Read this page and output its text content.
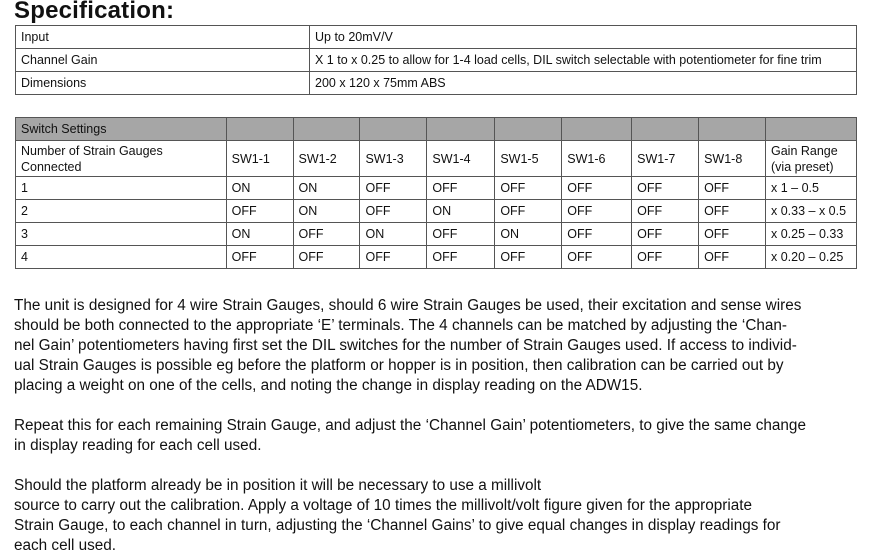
Specification:
Input	Up to 20mV/V
Channel Gain	X 1 to x 0.25 to allow for 1-4 load cells, DIL switch selectable with potentiometer for fine trim
Dimensions	200 x 120 x 75mm ABS
Switch Settings									
Number of Strain Gauges Connected	SW1-1	SW1-2	SW1-3	SW1-4	SW1-5	SW1-6	SW1-7	SW1-8	Gain Range (via preset)
1	ON	ON	OFF	OFF	OFF	OFF	OFF	OFF	x 1 – 0.5
2	OFF	ON	OFF	ON	OFF	OFF	OFF	OFF	x 0.33 – x 0.5
3	ON	OFF	ON	OFF	ON	OFF	OFF	OFF	x 0.25 – 0.33
4	OFF	OFF	OFF	OFF	OFF	OFF	OFF	OFF	x 0.20 – 0.25

The unit is designed for 4 wire Strain Gauges, should 6 wire Strain Gauges be used, their excitation and sense wires
should be both connected to the appropriate ‘E’ terminals. The 4 channels can be matched by adjusting the ‘Chan-
nel Gain’ potentiometers having first set the DIL switches for the number of Strain Gauges used. If access to individ-
ual Strain Gauges is possible eg before the platform or hopper is in position, then calibration can be carried out by
placing a weight on one of the cells, and noting the change in display reading on the ADW15.

Repeat this for each remaining Strain Gauge, and adjust the ‘Channel Gain’ potentiometers, to give the same change
in display reading for each cell used.

Should the platform already be in position it will be necessary to use a millivolt
source to carry out the calibration. Apply a voltage of 10 times the millivolt/volt figure given for the appropriate
Strain Gauge, to each channel in turn, adjusting the ‘Channel Gains’ to give equal changes in display readings for
each cell used.
